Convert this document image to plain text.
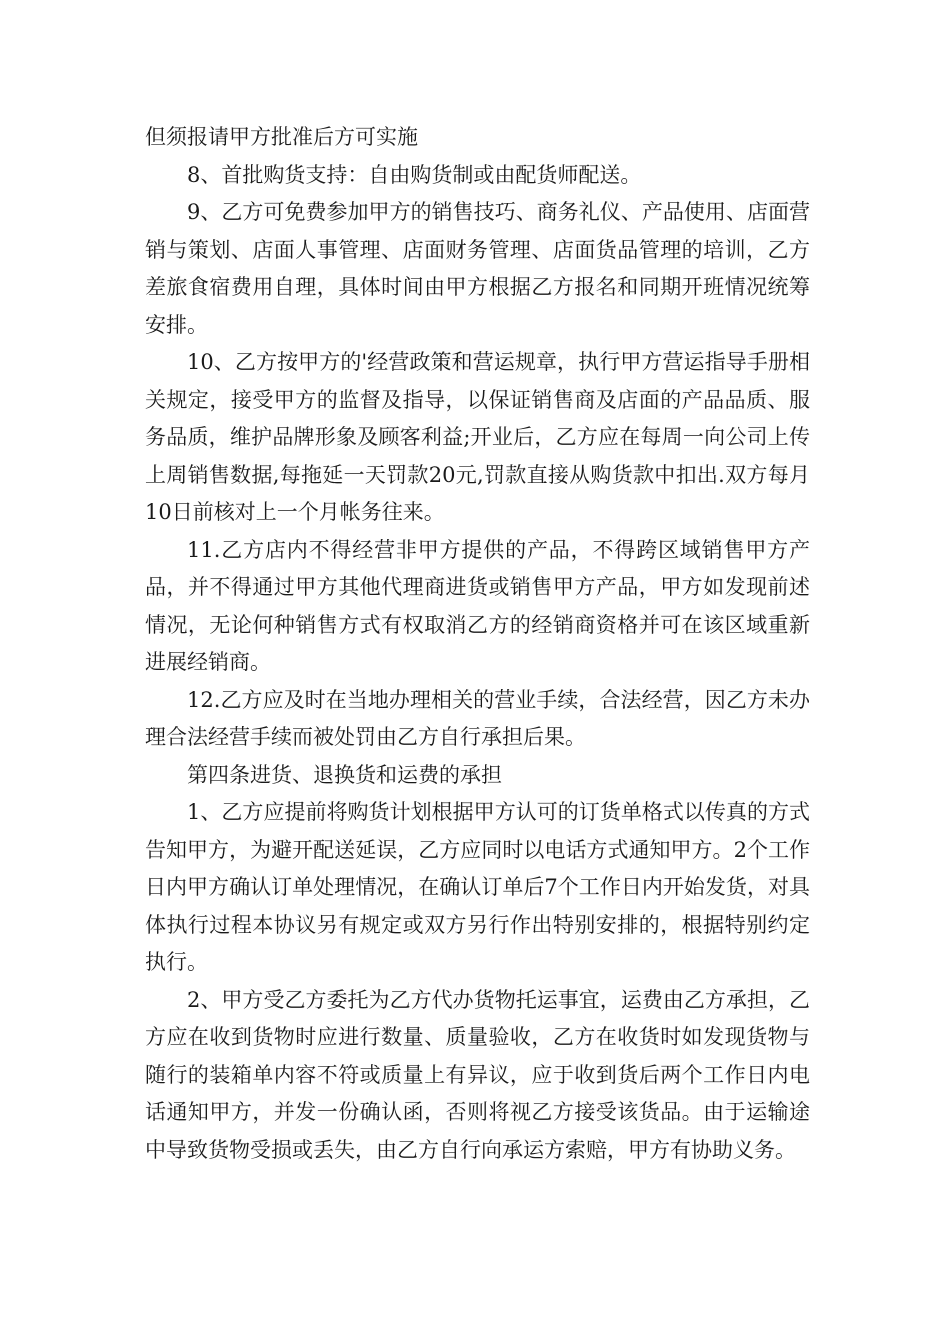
但须报请甲方批准后方可实施

8、首批购货支持：自由购货制或由配货师配送。

9、乙方可免费参加甲方的销售技巧、商务礼仪、产品使用、店面营销与策划、店面人事管理、店面财务管理、店面货品管理的培训，乙方差旅食宿费用自理，具体时间由甲方根据乙方报名和同期开班情况统筹安排。

10、乙方按甲方的'经营政策和营运规章，执行甲方营运指导手册相关规定，接受甲方的监督及指导，以保证销售商及店面的产品品质、服务品质，维护品牌形象及顾客利益;开业后，乙方应在每周一向公司上传上周销售数据,每拖延一天罚款20元,罚款直接从购货款中扣出.双方每月10日前核对上一个月帐务往来。

11.乙方店内不得经营非甲方提供的产品，不得跨区域销售甲方产品，并不得通过甲方其他代理商进货或销售甲方产品，甲方如发现前述情况，无论何种销售方式有权取消乙方的经销商资格并可在该区域重新进展经销商。

12.乙方应及时在当地办理相关的营业手续，合法经营，因乙方未办理合法经营手续而被处罚由乙方自行承担后果。

第四条进货、退换货和运费的承担

1、乙方应提前将购货计划根据甲方认可的订货单格式以传真的方式告知甲方，为避开配送延误，乙方应同时以电话方式通知甲方。2个工作日内甲方确认订单处理情况，在确认订单后7个工作日内开始发货，对具体执行过程本协议另有规定或双方另行作出特别安排的，根据特别约定执行。

2、甲方受乙方委托为乙方代办货物托运事宜，运费由乙方承担，乙方应在收到货物时应进行数量、质量验收，乙方在收货时如发现货物与随行的装箱单内容不符或质量上有异议，应于收到货后两个工作日内电话通知甲方，并发一份确认函，否则将视乙方接受该货品。由于运输途中导致货物受损或丢失，由乙方自行向承运方索赔，甲方有协助义务。
